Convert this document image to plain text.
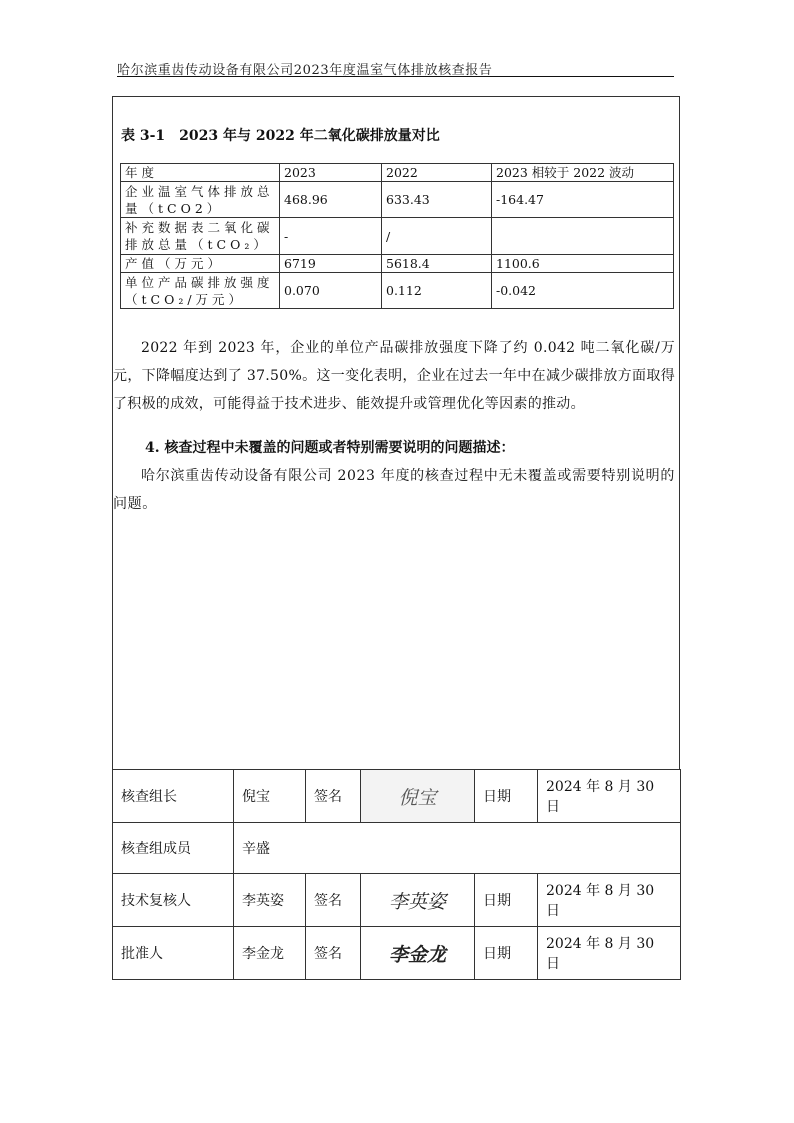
哈尔滨重齿传动设备有限公司2023年度温室气体排放核查报告
表 3-1　2023 年与 2022 年二氧化碳排放量对比
年度	2023	2022	2023 相较于 2022 波动
企业温室气体排放总量（tCO2）	468.96	633.43	-164.47
补充数据表二氧化碳排放总量（tCO₂）	-	/	
产值（万元）	6719	5618.4	1100.6
单位产品碳排放强度（tCO₂/万元）	0.070	0.112	-0.042
2022 年到 2023 年，企业的单位产品碳排放强度下降了约 0.042 吨二氧化碳/万元，下降幅度达到了 37.50%。这一变化表明，企业在过去一年中在减少碳排放方面取得了积极的成效，可能得益于技术进步、能效提升或管理优化等因素的推动。
4. 核查过程中未覆盖的问题或者特别需要说明的问题描述：
哈尔滨重齿传动设备有限公司 2023 年度的核查过程中无未覆盖或需要特别说明的问题。
核查组长	倪宝	签名	倪宝	日期	2024 年 8 月 30 日
核查组成员	辛盛				
技术复核人	李英姿	签名	李英姿	日期	2024 年 8 月 30 日
批准人	李金龙	签名	李金龙	日期	2024 年 8 月 30 日
